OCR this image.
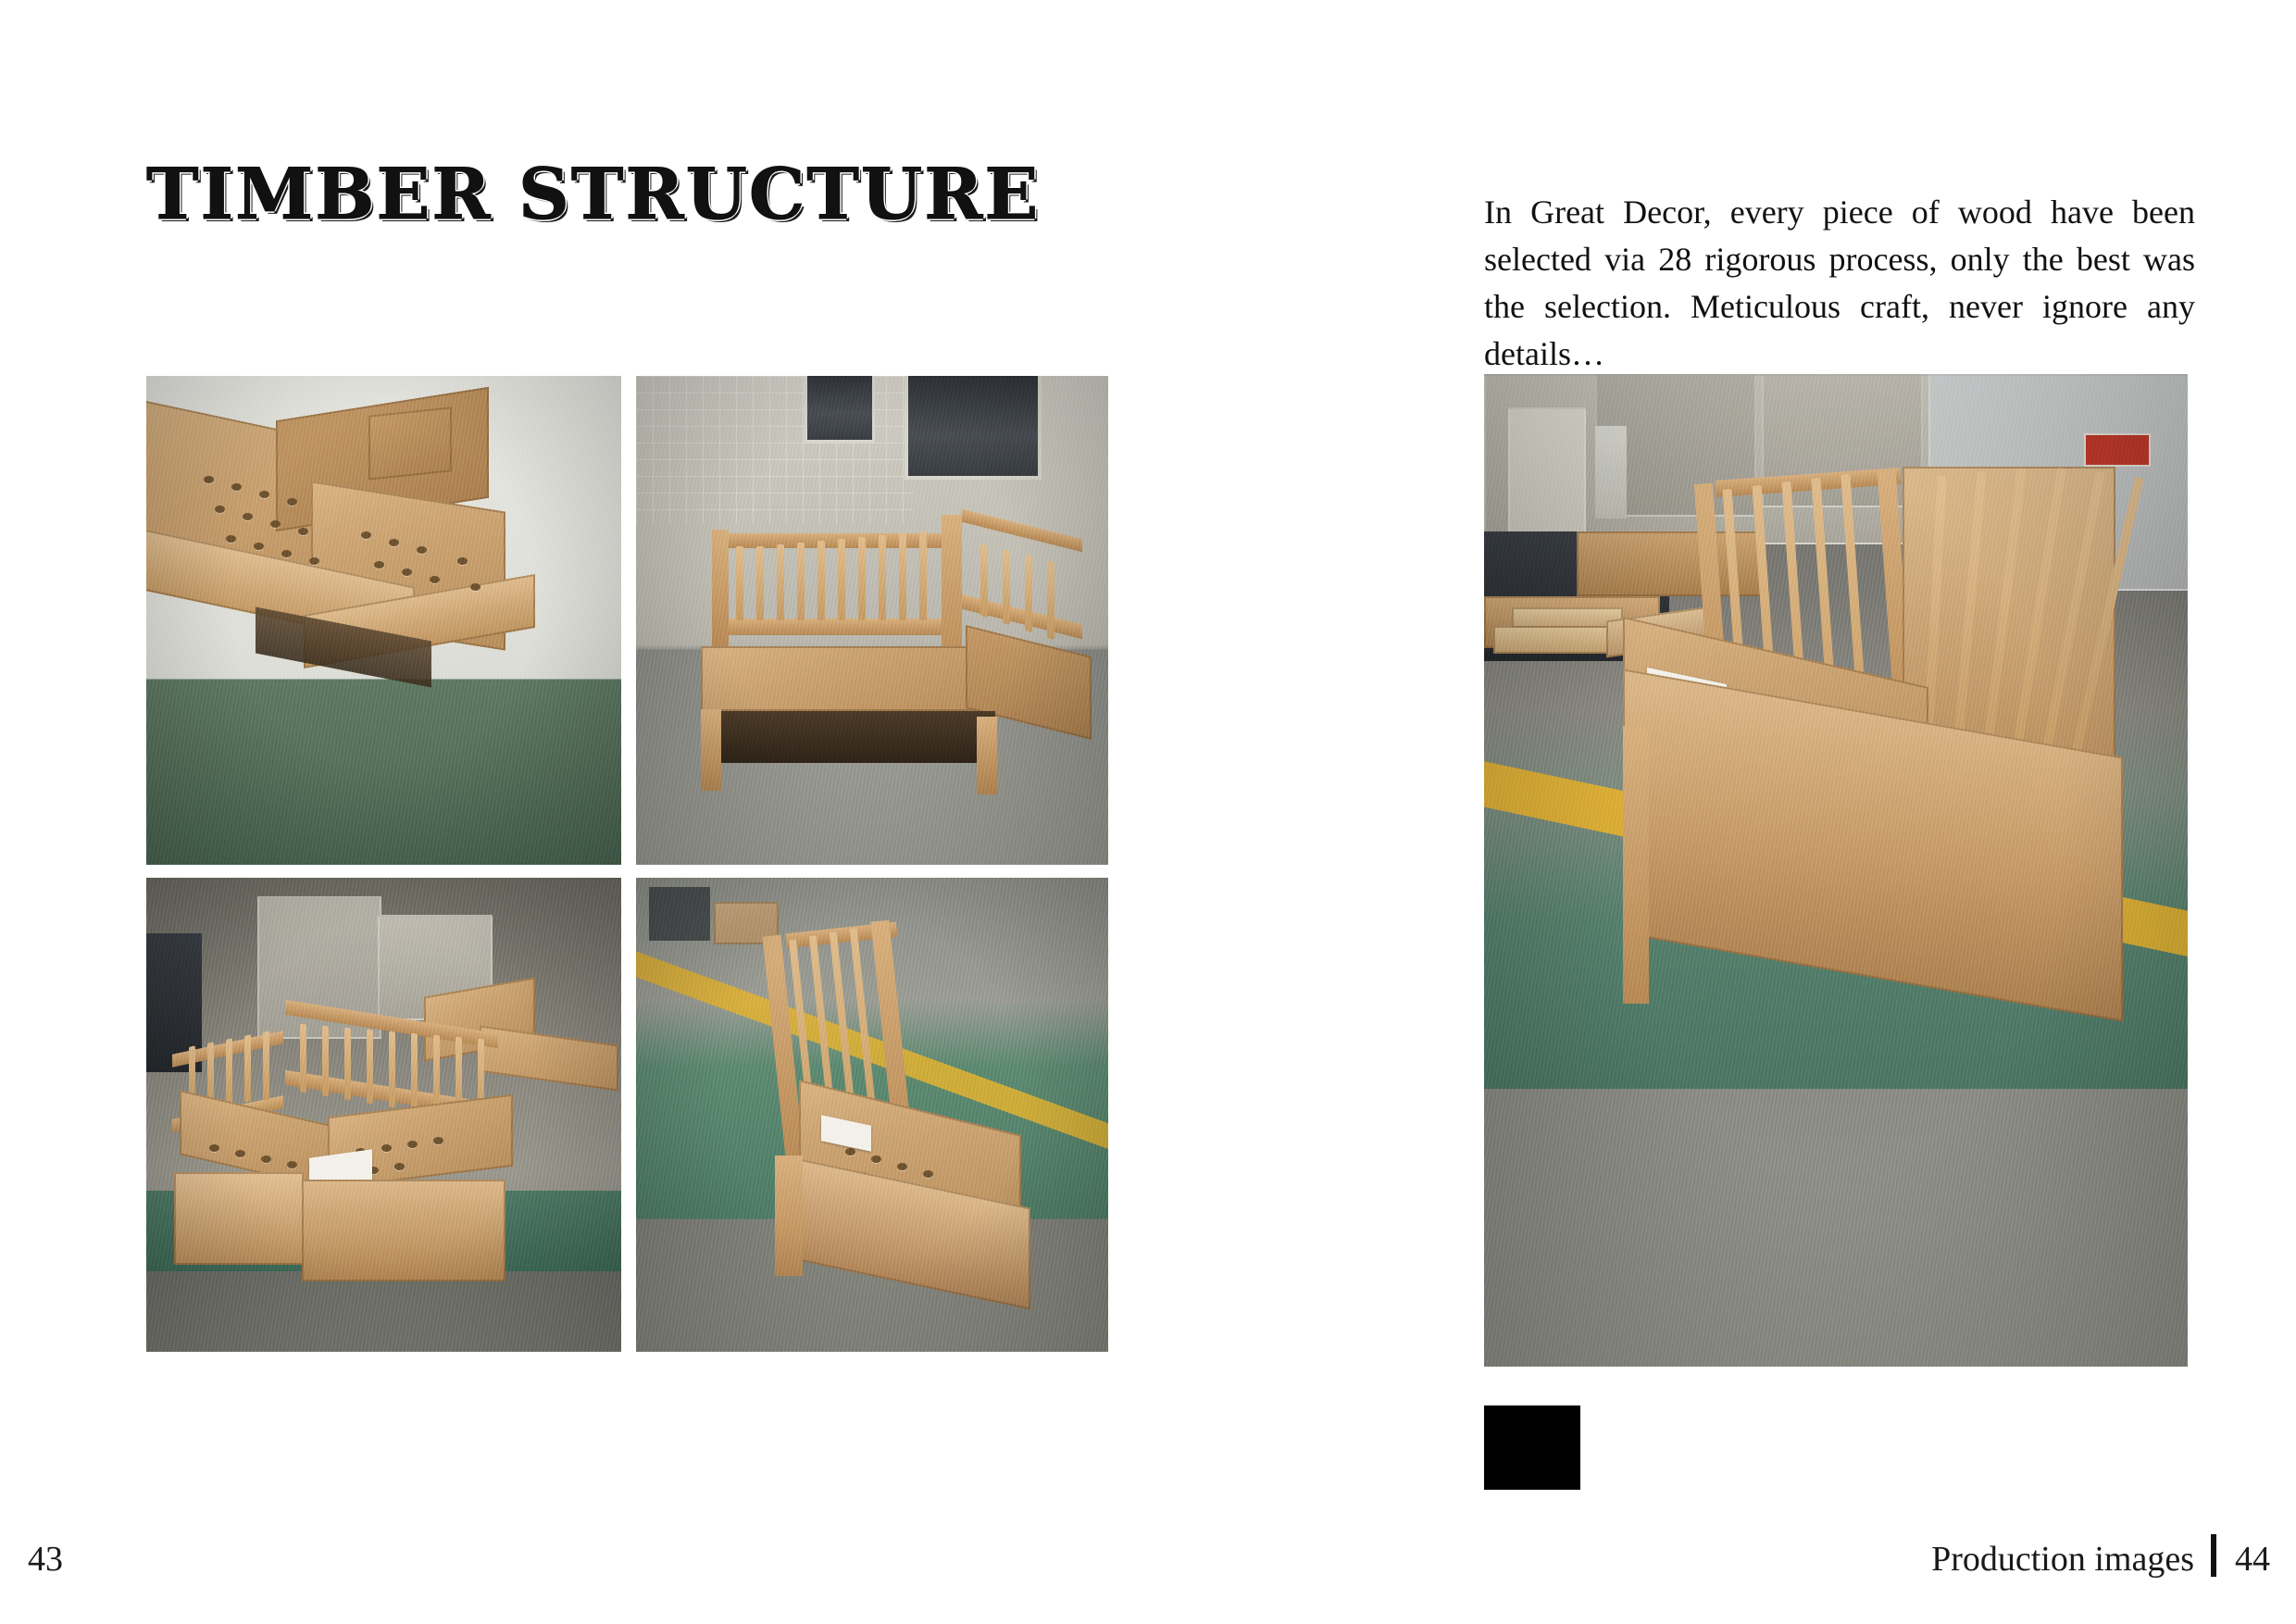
TIMBER STRUCTURE
43

In Great Decor, every piece of wood have been selected via 28 rigorous process, only the best was the selection. Meticulous craft, never ignore any details…

Production images 44
